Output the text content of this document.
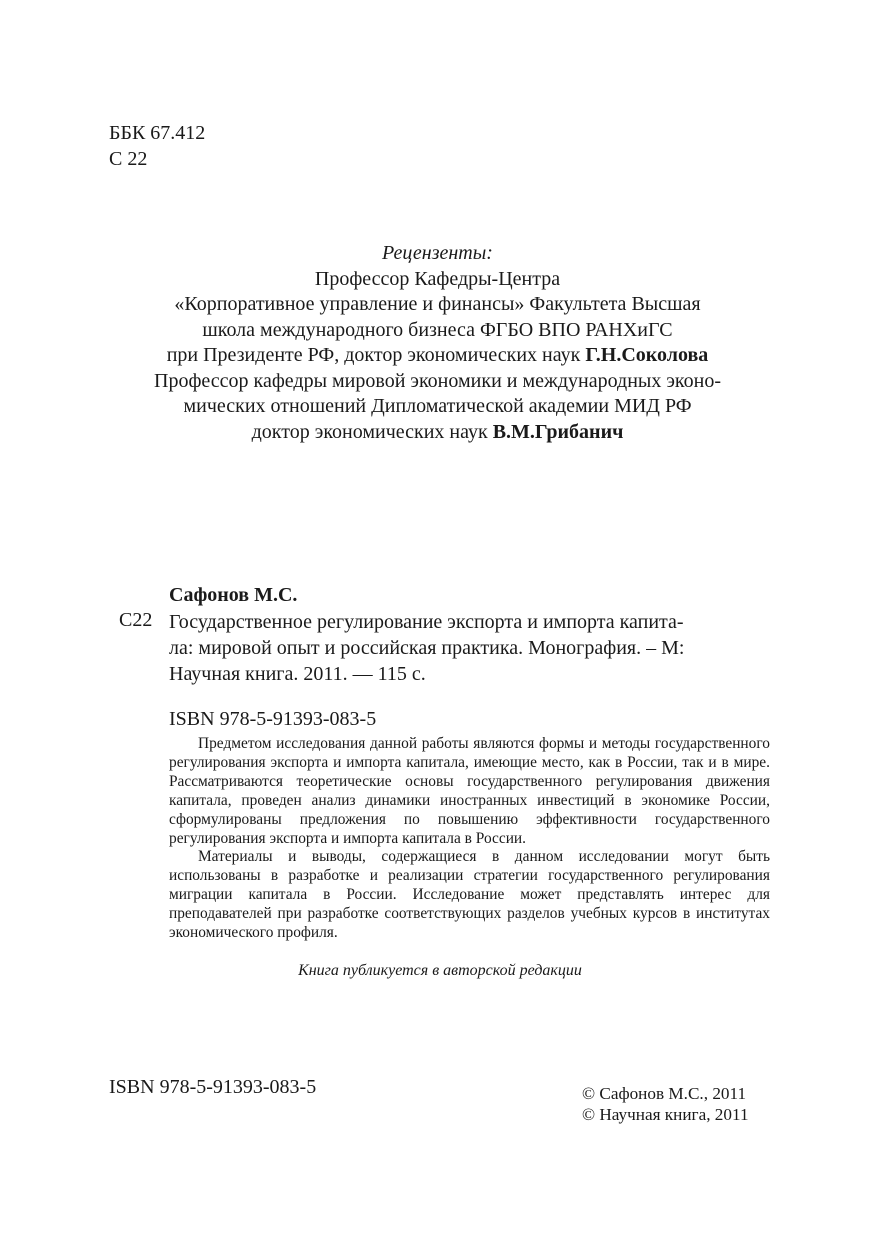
ББК 67.412
С 22
Рецензенты:
Профессор Кафедры-Центра
«Корпоративное управление и финансы» Факультета Высшая
школа международного бизнеса ФГБО ВПО РАНХиГС
при Президенте РФ, доктор экономических наук Г.Н.Соколова
Профессор кафедры мировой экономики и международных эконо-
мических отношений Дипломатической академии МИД РФ
доктор экономических наук В.М.Грибанич
Сафонов М.С.
С22 Государственное регулирование экспорта и импорта капита-
ла: мировой опыт и российская практика. Монография. – М:
Научная книга. 2011. — 115 с.
ISBN 978-5-91393-083-5

Предметом исследования данной работы являются формы и методы государственного регулирования экспорта и импорта капитала, имеющие место, как в России, так и в мире. Рассматриваются теоретические основы государственного регулирования движения капитала, проведен анализ динамики иностранных инвестиций в экономике России, сформулированы предложения по повышению эффективности государственного регулирования экспорта и импорта капитала в России.

Материалы и выводы, содержащиеся в данном исследовании могут быть использованы в разработке и реализации стратегии государственного регулирования миграции капитала в России. Исследование может представлять интерес для преподавателей при разработке соответствующих разделов учебных курсов в институтах экономического профиля.

Книга публикуется в авторской редакции
ISBN 978-5-91393-083-5	© Сафонов М.С., 2011
© Научная книга, 2011
